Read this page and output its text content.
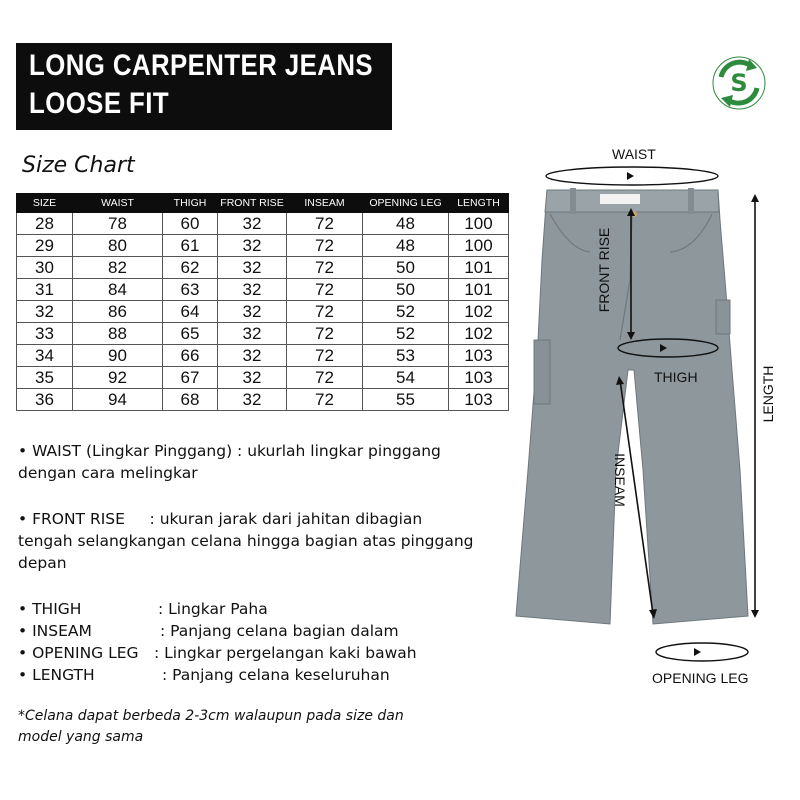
LONG CARPENTER JEANS
LOOSE FIT
S
Size Chart
SIZE	WAIST	THIGH	FRONT RISE	INSEAM	OPENING LEG	LENGTH
28	78	60	32	72	48	100
29	80	61	32	72	48	100
30	82	62	32	72	50	101
31	84	63	32	72	50	101
32	86	64	32	72	52	102
33	88	65	32	72	52	102
34	90	66	32	72	53	103
35	92	67	32	72	54	103
36	94	68	32	72	55	103
• WAIST (Lingkar Pinggang) : ukurlah lingkar pinggang
dengan cara melingkar
• FRONT RISE     : ukuran jarak dari jahitan dibagian
tengah selangkangan celana hingga bagian atas pinggang
depan
• THIGH	: Lingkar Paha
• INSEAM	: Panjang celana bagian dalam
• OPENING LEG : Lingkar pergelangan kaki bawah
• LENGTH	: Panjang celana keseluruhan
*Celana dapat berbeda 2-3cm walaupun pada size dan
model yang sama
WAIST
FRONT RISE
THIGH
INSEAM
LENGTH
OPENING LEG
